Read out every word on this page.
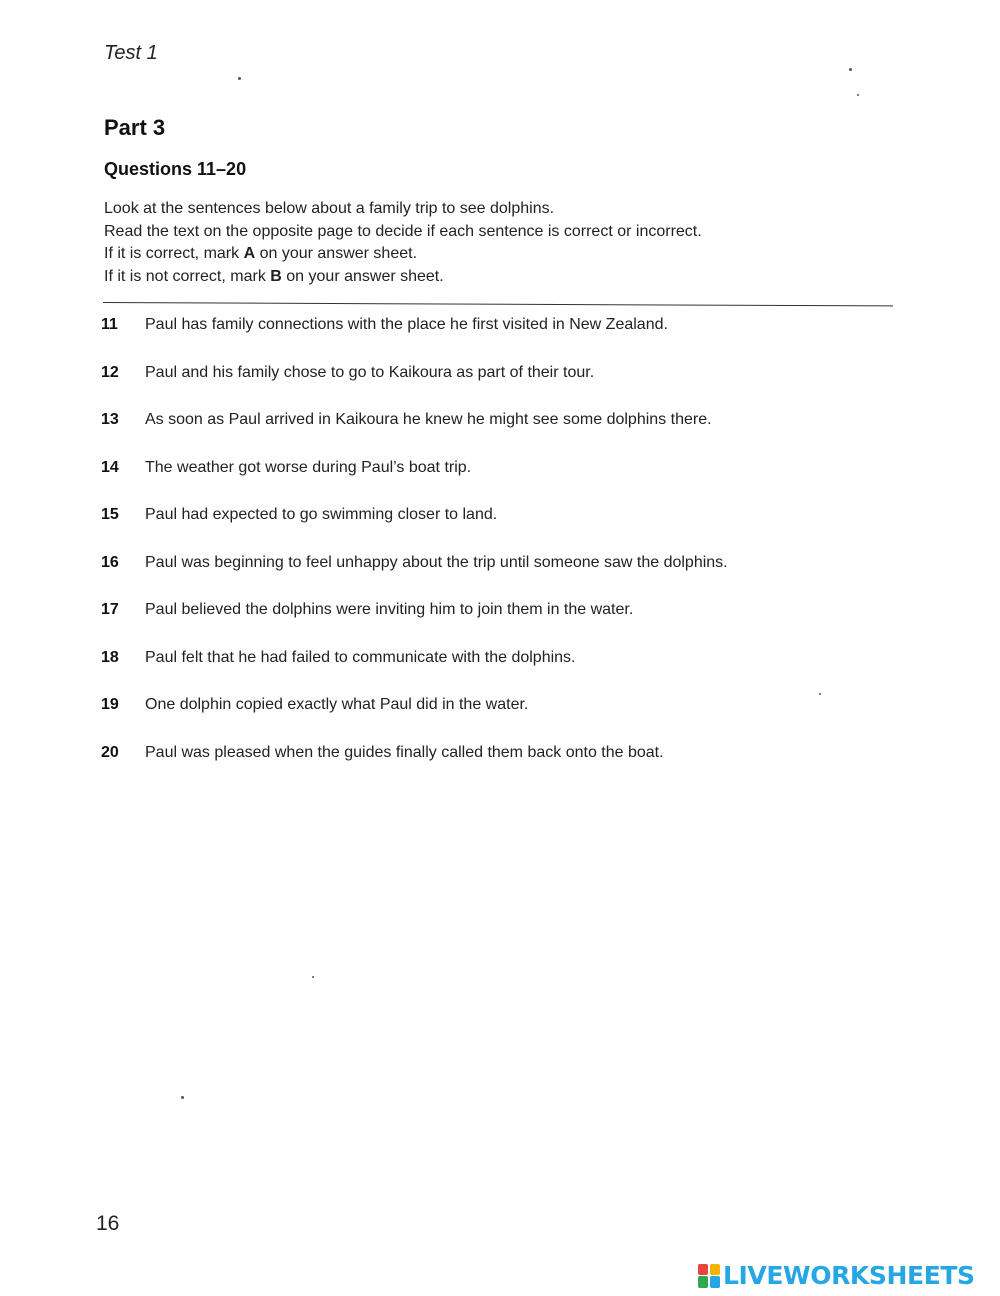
Test 1
Part 3
Questions 11–20
Look at the sentences below about a family trip to see dolphins.
Read the text on the opposite page to decide if each sentence is correct or incorrect.
If it is correct, mark A on your answer sheet.
If it is not correct, mark B on your answer sheet.
11	Paul has family connections with the place he first visited in New Zealand.
12	Paul and his family chose to go to Kaikoura as part of their tour.
13	As soon as Paul arrived in Kaikoura he knew he might see some dolphins there.
14	The weather got worse during Paul’s boat trip.
15	Paul had expected to go swimming closer to land.
16	Paul was beginning to feel unhappy about the trip until someone saw the dolphins.
17	Paul believed the dolphins were inviting him to join them in the water.
18	Paul felt that he had failed to communicate with the dolphins.
19	One dolphin copied exactly what Paul did in the water.
20	Paul was pleased when the guides finally called them back onto the boat.
16
LIVEWORKSHEETS
